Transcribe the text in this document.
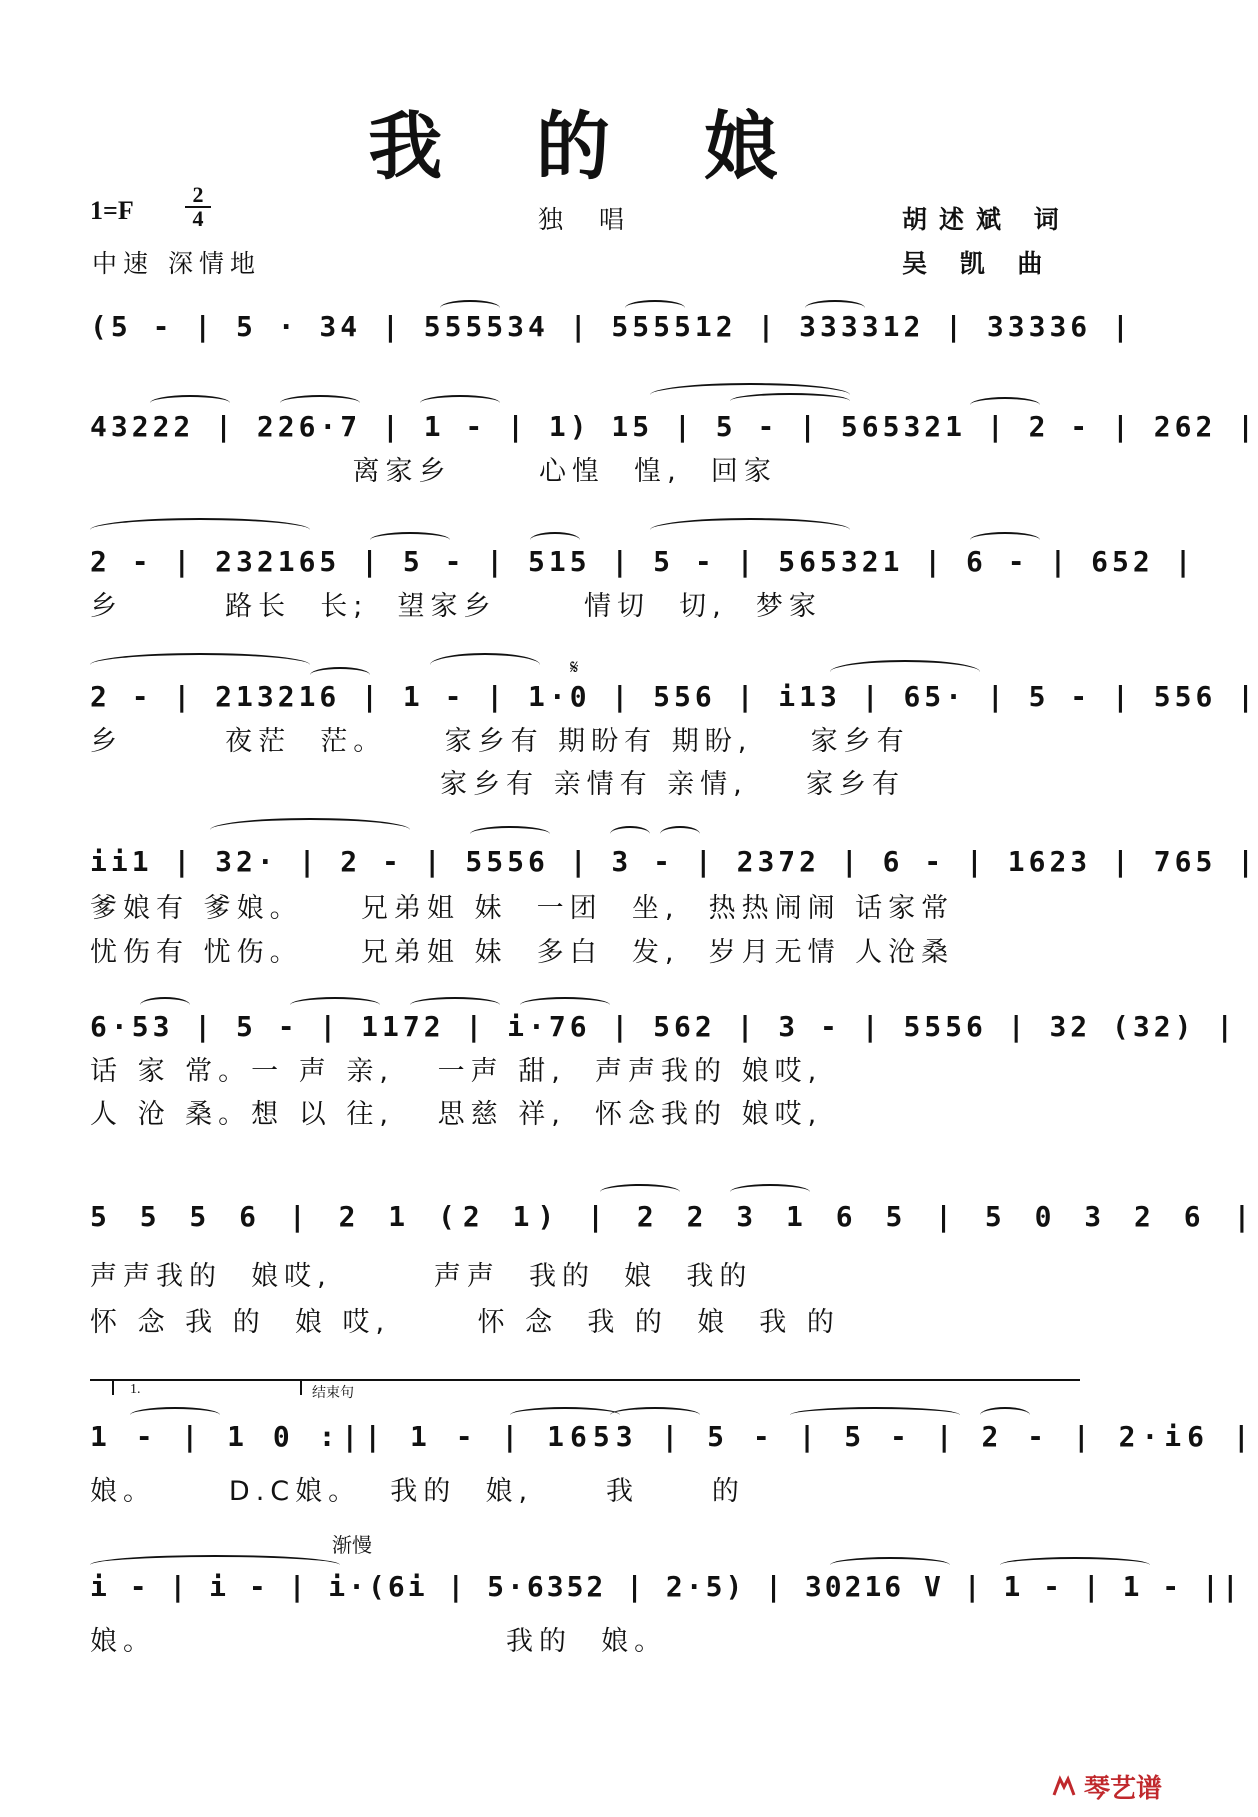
我 的 娘
1=F
2
4	独 唱
中速 深情地
胡述斌 词
吴 凯 曲
(5 - | 5 · 34 | 555534 | 555512 | 333312 | 33336 |
43222 | 226·7 | 1 - | 1) 15 | 5 - | 565321 | 2 - | 262 |
离家乡      心惶  惶,  回家
2 - | 232165 | 5 - | 515 | 5 - | 565321 | 6 - | 652 |
乡       路长  长;  望家乡      情切  切,  梦家
2 - | 213216 | 1 - | 1·0 | 556 | i13 | 65· | 5 - | 556 |
乡       夜茫  茫。    家乡有 期盼有 期盼,    家乡有
家乡有 亲情有 亲情,    家乡有
𝄋
ii1 | 32· | 2 - | 5556 | 3 - | 2372 | 6 - | 1623 | 765 |
爹娘有 爹娘。    兄弟姐 妹  一团  坐,  热热闹闹 话家常
忧伤有 忧伤。    兄弟姐 妹  多白  发,  岁月无情 人沧桑
6·53 | 5 - | 1172 | i·76 | 562 | 3 - | 5556 | 32 (32) |
话 家 常。一 声 亲,   一声 甜,  声声我的 娘哎,
人 沧 桑。想 以 往,   思慈 祥,  怀念我的 娘哎,
5 5 5 6 | 2 1 (2 1) | 2 2 3 1 6 5 | 5 0 3 2 6 |
声声我的  娘哎,       声声  我的  娘  我的
怀 念 我 的  娘 哎,      怀 念  我 的  娘  我 的
1.	结束句
1 - | 1 0 :|| 1 - | 1653 | 5 - | 5 - | 2 - | 2·i6 |
娘。     D.C娘。  我的  娘,     我     的
渐慢
i - | i - | i·(6i | 5·6352 | 2·5) | 30216 V | 1 - | 1 - ||
娘。                        我的  娘。
琴艺谱
